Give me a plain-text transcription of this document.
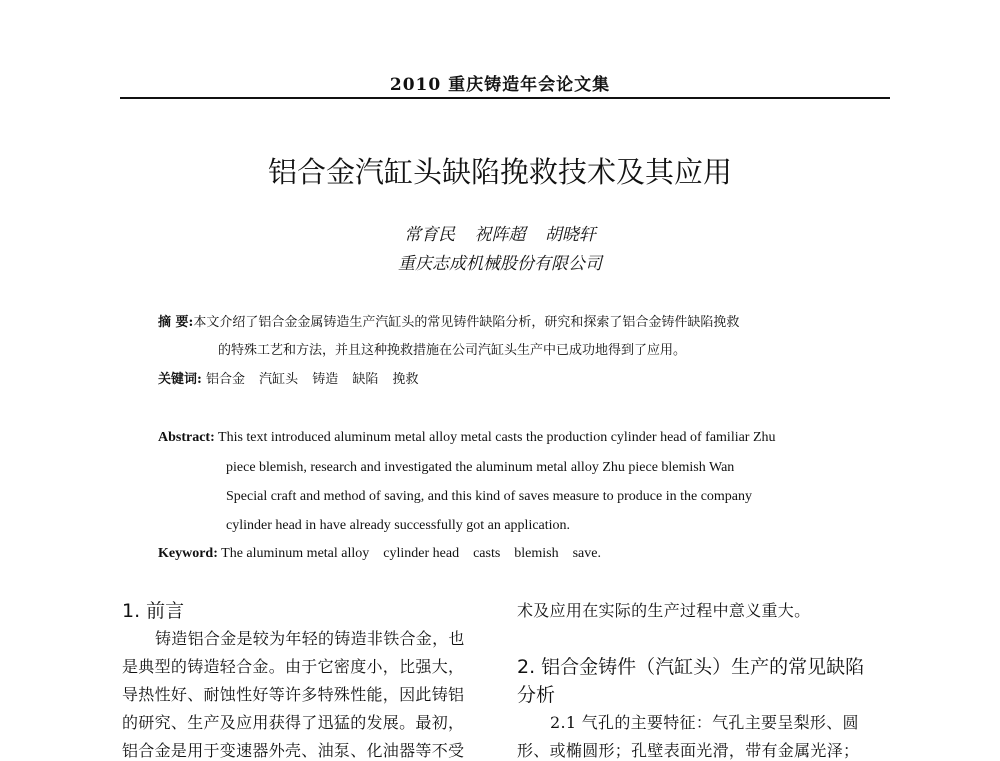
2010 重庆铸造年会论文集
铝合金汽缸头缺陷挽救技术及其应用
常育民 祝阵超 胡晓轩
重庆志成机械股份有限公司
摘 要:本文介绍了铝合金金属铸造生产汽缸头的常见铸件缺陷分析，研究和探索了铝合金铸件缺陷挽救
的特殊工艺和方法，并且这种挽救措施在公司汽缸头生产中已成功地得到了应用。
关键词: 铝合金 汽缸头 铸造 缺陷 挽救
Abstract: This text introduced aluminum metal alloy metal casts the production cylinder head of familiar Zhu
piece blemish, research and investigated the aluminum metal alloy Zhu piece blemish Wan
Special craft and method of saving, and this kind of saves measure to produce in the company
cylinder head in have already successfully got an application.
Keyword: The aluminum metal alloy    cylinder head    casts    blemish    save.
1. 前言
铸造铝合金是较为年轻的铸造非铁合金，也
是典型的铸造轻合金。由于它密度小，比强大，
导热性好、耐蚀性好等许多特殊性能，因此铸铝
的研究、生产及应用获得了迅猛的发展。最初，
铝合金是用于变速器外壳、油泵、化油器等不受
术及应用在实际的生产过程中意义重大。
2. 铝合金铸件（汽缸头）生产的常见缺陷
分析
2.1 气孔的主要特征：气孔主要呈梨形、圆
形、或椭圆形；孔壁表面光滑，带有金属光泽；
